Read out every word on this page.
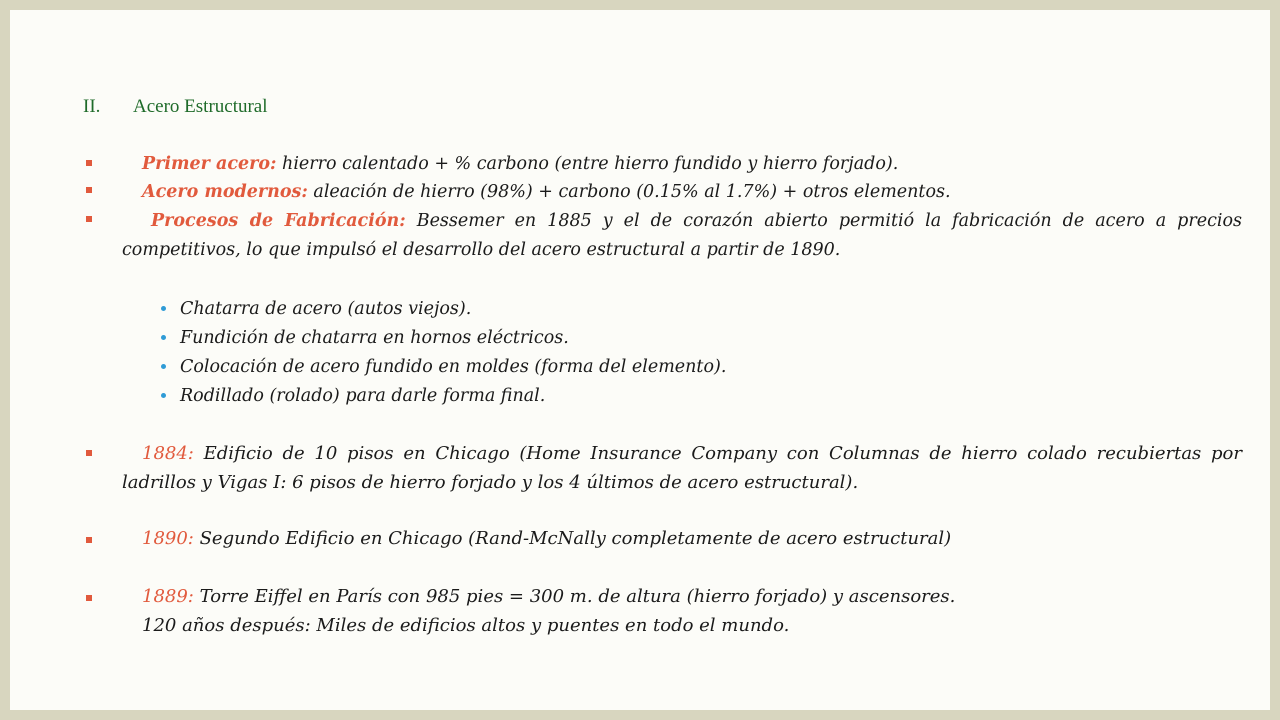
II. Acero Estructural
Primer acero: hierro calentado + % carbono (entre hierro fundido y hierro forjado).
Acero modernos: aleación de hierro (98%) + carbono (0.15% al 1.7%) + otros elementos.
Procesos de Fabricación: Bessemer en 1885 y el de corazón abierto permitió la fabricación de acero a precios competitivos, lo que impulsó el desarrollo del acero estructural a partir de 1890.
Chatarra de acero (autos viejos).
Fundición de chatarra en hornos eléctricos.
Colocación de acero fundido en moldes (forma del elemento).
Rodillado (rolado) para darle forma final.
1884: Edificio de 10 pisos en Chicago (Home Insurance Company con Columnas de hierro colado recubiertas por ladrillos y Vigas I: 6 pisos de hierro forjado y los 4 últimos de acero estructural).
1890: Segundo Edificio en Chicago (Rand-McNally completamente de acero estructural)
1889: Torre Eiffel en París con 985 pies = 300 m. de altura (hierro forjado) y ascensores.
120 años después: Miles de edificios altos y puentes en todo el mundo.
